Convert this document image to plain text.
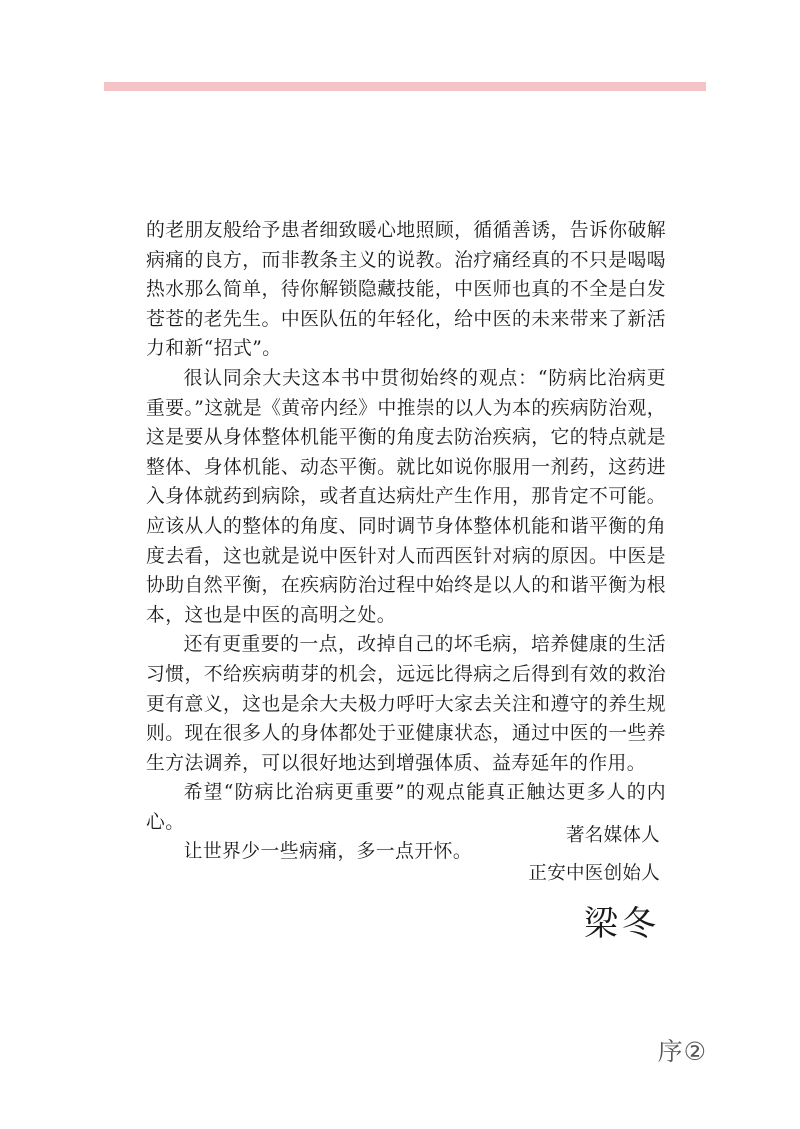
的老朋友般给予患者细致暖心地照顾，循循善诱，告诉你破解病痛的良方，而非教条主义的说教。治疗痛经真的不只是喝喝热水那么简单，待你解锁隐藏技能，中医师也真的不全是白发苍苍的老先生。中医队伍的年轻化，给中医的未来带来了新活力和新“招式”。

很认同余大夫这本书中贯彻始终的观点：“防病比治病更重要。”这就是《黄帝内经》中推崇的以人为本的疾病防治观，这是要从身体整体机能平衡的角度去防治疾病，它的特点就是整体、身体机能、动态平衡。就比如说你服用一剂药，这药进入身体就药到病除，或者直达病灶产生作用，那肯定不可能。应该从人的整体的角度、同时调节身体整体机能和谐平衡的角度去看，这也就是说中医针对人而西医针对病的原因。中医是协助自然平衡，在疾病防治过程中始终是以人的和谐平衡为根本，这也是中医的高明之处。

还有更重要的一点，改掉自己的坏毛病，培养健康的生活习惯，不给疾病萌芽的机会，远远比得病之后得到有效的救治更有意义，这也是余大夫极力呼吁大家去关注和遵守的养生规则。现在很多人的身体都处于亚健康状态，通过中医的一些养生方法调养，可以很好地达到增强体质、益寿延年的作用。

希望“防病比治病更重要”的观点能真正触达更多人的内心。

让世界少一些病痛，多一点开怀。

著名媒体人
正安中医创始人
梁冬
序②
